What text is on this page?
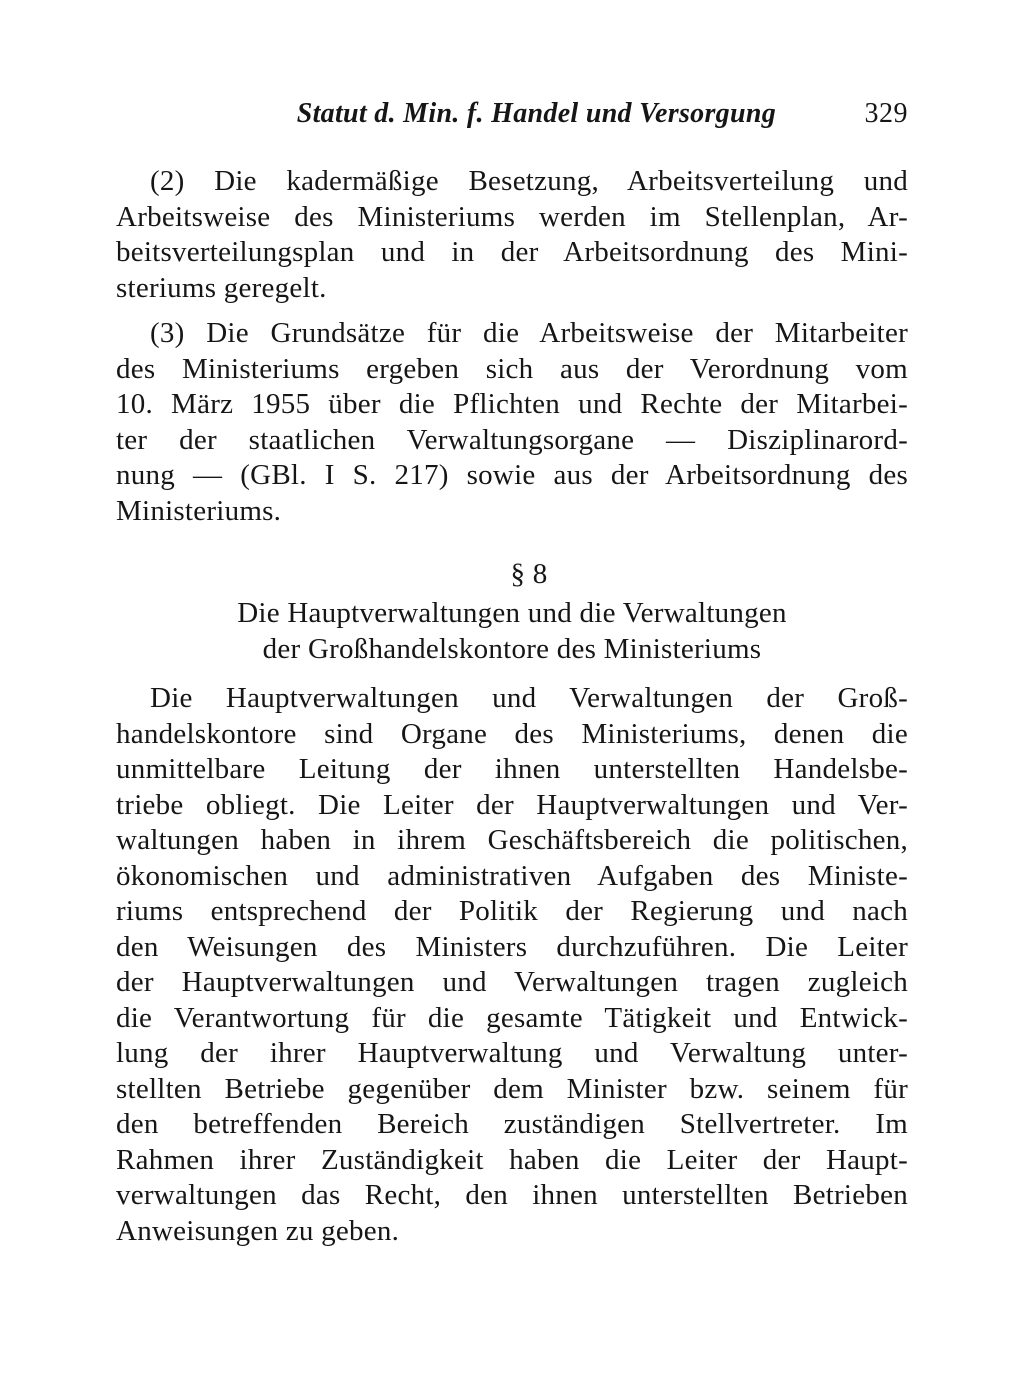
Statut d. Min. f. Handel und Versorgung	329

(2) Die kadermäßige Besetzung, Arbeitsverteilung und
Arbeitsweise des Ministeriums werden im Stellenplan, Ar-
beitsverteilungsplan und in der Arbeitsordnung des Mini-
steriums geregelt.

(3) Die Grundsätze für die Arbeitsweise der Mitarbeiter
des Ministeriums ergeben sich aus der Verordnung vom
10. März 1955 über die Pflichten und Rechte der Mitarbei-
ter der staatlichen Verwaltungsorgane — Disziplinarord-
nung — (GBl. I S. 217) sowie aus der Arbeitsordnung des
Ministeriums.

§ 8
Die Hauptverwaltungen und die Verwaltungen
der Großhandelskontore des Ministeriums

Die Hauptverwaltungen und Verwaltungen der Groß-
handelskontore sind Organe des Ministeriums, denen die
unmittelbare Leitung der ihnen unterstellten Handelsbe-
triebe obliegt. Die Leiter der Hauptverwaltungen und Ver-
waltungen haben in ihrem Geschäftsbereich die politischen,
ökonomischen und administrativen Aufgaben des Ministe-
riums entsprechend der Politik der Regierung und nach
den Weisungen des Ministers durchzuführen. Die Leiter
der Hauptverwaltungen und Verwaltungen tragen zugleich
die Verantwortung für die gesamte Tätigkeit und Entwick-
lung der ihrer Hauptverwaltung und Verwaltung unter-
stellten Betriebe gegenüber dem Minister bzw. seinem für
den betreffenden Bereich zuständigen Stellvertreter. Im
Rahmen ihrer Zuständigkeit haben die Leiter der Haupt-
verwaltungen das Recht, den ihnen unterstellten Betrieben
Anweisungen zu geben.
